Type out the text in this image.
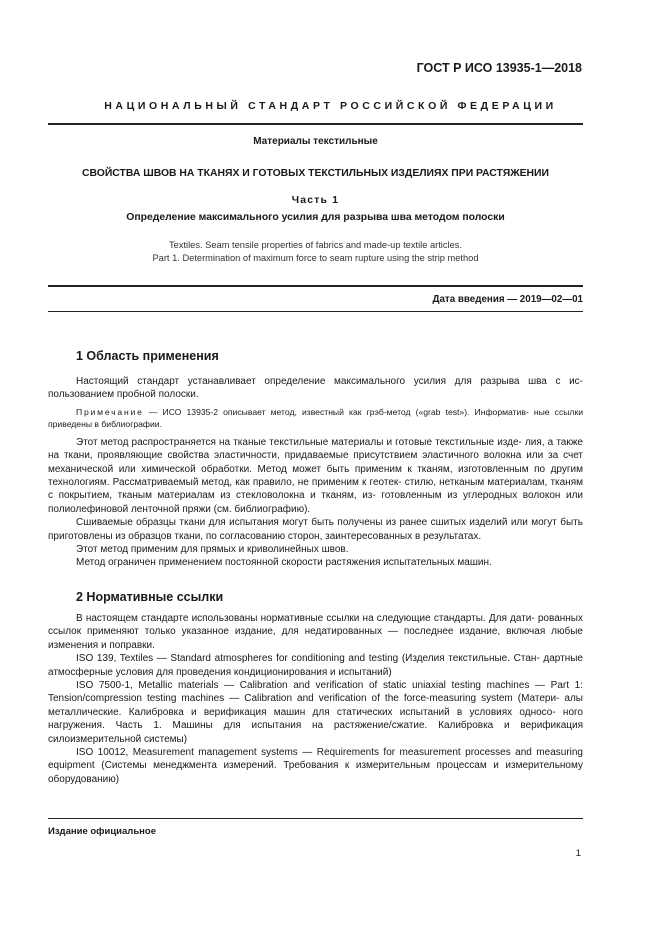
ГОСТ Р ИСО 13935-1—2018
НАЦИОНАЛЬНЫЙ СТАНДАРТ РОССИЙСКОЙ ФЕДЕРАЦИИ
Материалы текстильные
СВОЙСТВА ШВОВ НА ТКАНЯХ И ГОТОВЫХ ТЕКСТИЛЬНЫХ ИЗДЕЛИЯХ ПРИ РАСТЯЖЕНИИ
Часть 1
Определение максимального усилия для разрыва шва методом полоски
Textiles. Seam tensile properties of fabrics and made-up textile articles.
Part 1. Determination of maximum force to seam rupture using the strip method
Дата введения — 2019—02—01
1 Область применения

Настоящий стандарт устанавливает определение максимального усилия для разрыва шва с ис- пользованием пробной полоски.

Примечание — ИСО 13935-2 описывает метод, известный как грэб-метод («grab test»). Информатив- ные ссылки приведены в библиографии.

Этот метод распространяется на тканые текстильные материалы и готовые текстильные изде- лия, а также на ткани, проявляющие свойства эластичности, придаваемые присутствием эластичного волокна или за счет механической или химической обработки. Метод может быть применим к тканям, изготовленным по другим технологиям. Рассматриваемый метод, как правило, не применим к геотек- стилю, нетканым материалам, тканям с покрытием, тканым материалам из стекловолокна и тканям, из- готовленным из углеродных волокон или полиолефиновой ленточной пряжи (см. библиографию).

Сшиваемые образцы ткани для испытания могут быть получены из ранее сшитых изделий или могут быть приготовлены из образцов ткани, по согласованию сторон, заинтересованных в результатах.

Этот метод применим для прямых и криволинейных швов.

Метод ограничен применением постоянной скорости растяжения испытательных машин.

2 Нормативные ссылки

В настоящем стандарте использованы нормативные ссылки на следующие стандарты. Для дати- рованных ссылок применяют только указанное издание, для недатированных — последнее издание, включая любые изменения и поправки.

ISO 139, Textiles — Standard atmospheres for conditioning and testing (Изделия текстильные. Стан- дартные атмосферные условия для проведения кондиционирования и испытаний)

ISO 7500-1, Metallic materials — Calibration and verification of static uniaxial testing machines — Part 1: Tension/compression testing machines — Calibration and verification of the force-measuring system (Матери- алы металлические. Калибровка и верификация машин для статических испытаний в условиях односо- ного нагружения. Часть 1. Машины для испытания на растяжение/сжатие. Калибровка и верификация силоизмерительной системы)

ISO 10012, Measurement management systems — Requirements for measurement processes and measuring equipment (Системы менеджмента измерений. Требования к измерительным процессам и измерительному оборудованию)

Издание официальное
1
